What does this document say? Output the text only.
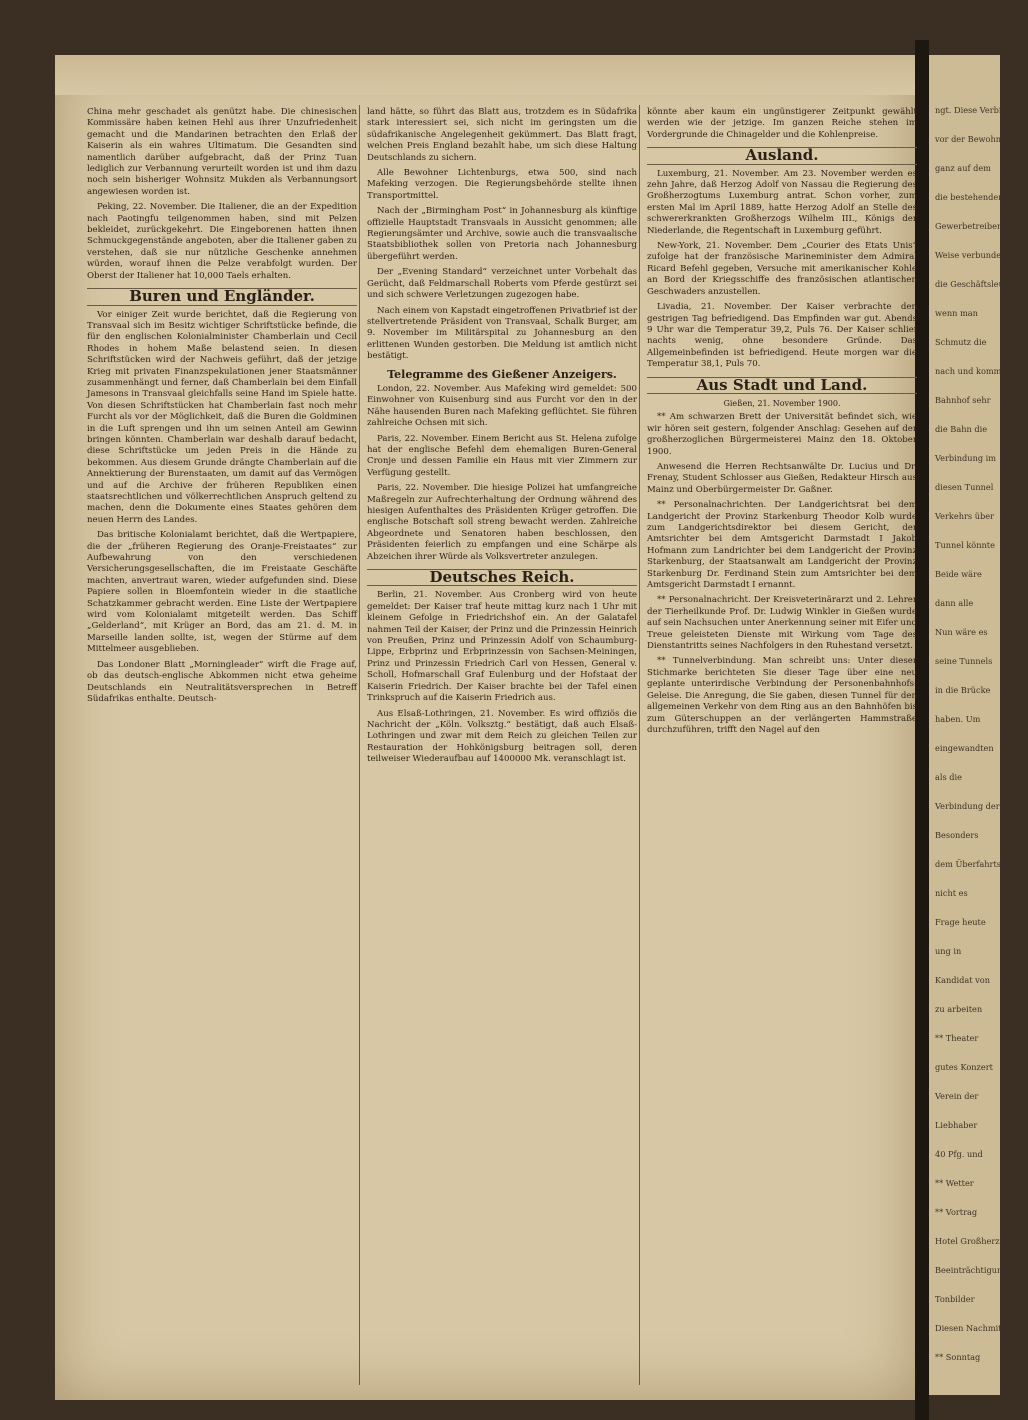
China mehr geschadet als genützt habe. Die chinesischen Kommissäre haben keinen Hehl aus ihrer Unzufriedenheit gemacht und die Mandarinen betrachten den Erlaß der Kaiserin als ein wahres Ultimatum. Die Gesandten sind namentlich darüber aufgebracht, daß der Prinz Tuan lediglich zur Verbannung verurteilt worden ist und ihm dazu noch sein bisheriger Wohnsitz Mukden als Verbannungsort angewiesen worden ist.

Peking, 22. November. Die Italiener, die an der Expedition nach Paotingfu teilgenommen haben, sind mit Pelzen bekleidet, zurückgekehrt. Die Eingeborenen hatten ihnen Schmuckgegenstände angeboten, aber die Italiener gaben zu verstehen, daß sie nur nützliche Geschenke annehmen würden, worauf ihnen die Pelze verabfolgt wurden. Der Oberst der Italiener hat 10,000 Taels erhalten.

Buren und Engländer.

Vor einiger Zeit wurde berichtet, daß die Regierung von Transvaal sich im Besitz wichtiger Schriftstücke befinde, die für den englischen Kolonialminister Chamberlain und Cecil Rhodes in hohem Maße belastend seien. In diesen Schriftstücken wird der Nachweis geführt, daß der jetzige Krieg mit privaten Finanzspekulationen jener Staatsmänner zusammenhängt und ferner, daß Chamberlain bei dem Einfall Jamesons in Transvaal gleichfalls seine Hand im Spiele hatte. Von diesen Schriftstücken hat Chamberlain fast noch mehr Furcht als vor der Möglichkeit, daß die Buren die Goldminen in die Luft sprengen und ihn um seinen Anteil am Gewinn bringen könnten. Chamberlain war deshalb darauf bedacht, diese Schriftstücke um jeden Preis in die Hände zu bekommen. Aus diesem Grunde drängte Chamberlain auf die Annektierung der Burenstaaten, um damit auf das Vermögen und auf die Archive der früheren Republiken einen staatsrechtlichen und völkerrechtlichen Anspruch geltend zu machen, denn die Dokumente eines Staates gehören dem neuen Herrn des Landes.

Das britische Kolonialamt berichtet, daß die Wertpapiere, die der „früheren Regierung des Oranje-Freistaates“ zur Aufbewahrung von den verschiedenen Versicherungsgesellschaften, die im Freistaate Geschäfte machten, anvertraut waren, wieder aufgefunden sind. Diese Papiere sollen in Bloemfontein wieder in die staatliche Schatzkammer gebracht werden. Eine Liste der Wertpapiere wird vom Kolonialamt mitgeteilt werden. Das Schiff „Gelderland“, mit Krüger an Bord, das am 21. d. M. in Marseille landen sollte, ist, wegen der Stürme auf dem Mittelmeer ausgeblieben.

Das Londoner Blatt „Morningleader“ wirft die Frage auf, ob das deutsch-englische Abkommen nicht etwa geheime Deutschlands ein Neutralitätsversprechen in Betreff Südafrikas enthalte. Deutsch-

land hätte, so führt das Blatt aus, trotzdem es in Südafrika stark interessiert sei, sich nicht im geringsten um die südafrikanische Angelegenheit gekümmert. Das Blatt fragt, welchen Preis England bezahlt habe, um sich diese Haltung Deutschlands zu sichern.

Alle Bewohner Lichtenburgs, etwa 500, sind nach Mafeking verzogen. Die Regierungsbehörde stellte ihnen Transportmittel.

Nach der „Birmingham Post“ in Johannesburg als künftige offizielle Hauptstadt Transvaals in Aussicht genommen; alle Regierungsämter und Archive, sowie auch die transvaalische Staatsbibliothek sollen von Pretoria nach Johannesburg übergeführt werden.

Der „Evening Standard“ verzeichnet unter Vorbehalt das Gerücht, daß Feldmarschall Roberts vom Pferde gestürzt sei und sich schwere Verletzungen zugezogen habe.

Nach einem von Kapstadt eingetroffenen Privatbrief ist der stellvertretende Präsident von Transvaal, Schalk Burger, am 9. November im Militärspital zu Johannesburg an den erlittenen Wunden gestorben. Die Meldung ist amtlich nicht bestätigt.

Telegramme des Gießener Anzeigers.

London, 22. November. Aus Mafeking wird gemeldet: 500 Einwohner von Kuisenburg sind aus Furcht vor den in der Nähe hausenden Buren nach Mafeking geflüchtet. Sie führen zahlreiche Ochsen mit sich.

Paris, 22. November. Einem Bericht aus St. Helena zufolge hat der englische Befehl dem ehemaligen Buren-General Cronje und dessen Familie ein Haus mit vier Zimmern zur Verfügung gestellt.

Paris, 22. November. Die hiesige Polizei hat umfangreiche Maßregeln zur Aufrechterhaltung der Ordnung während des hiesigen Aufenthaltes des Präsidenten Krüger getroffen. Die englische Botschaft soll streng bewacht werden. Zahlreiche Abgeordnete und Senatoren haben beschlossen, den Präsidenten feierlich zu empfangen und eine Schärpe als Abzeichen ihrer Würde als Volksvertreter anzulegen.

Deutsches Reich.

Berlin, 21. November. Aus Cronberg wird von heute gemeldet: Der Kaiser traf heute mittag kurz nach 1 Uhr mit kleinem Gefolge in Friedrichshof ein. An der Galatafel nahmen Teil der Kaiser, der Prinz und die Prinzessin Heinrich von Preußen, Prinz und Prinzessin Adolf von Schaumburg-Lippe, Erbprinz und Erbprinzessin von Sachsen-Meiningen, Prinz und Prinzessin Friedrich Carl von Hessen, General v. Scholl, Hofmarschall Graf Eulenburg und der Hofstaat der Kaiserin Friedrich. Der Kaiser brachte bei der Tafel einen Trinkspruch auf die Kaiserin Friedrich aus.

Aus Elsaß-Lothringen, 21. November. Es wird offiziös die Nachricht der „Köln. Volksztg.“ bestätigt, daß auch Elsaß-Lothringen und zwar mit dem Reich zu gleichen Teilen zur Restauration der Hohkönigsburg beitragen soll, deren teilweiser Wiederaufbau auf 1400000 Mk. veranschlagt ist.

könnte aber kaum ein ungünstigerer Zeitpunkt gewählt werden wie der jetzige. Im ganzen Reiche stehen im Vordergrunde die Chinagelder und die Kohlenpreise.

Ausland.

Luxemburg, 21. November. Am 23. November werden es zehn Jahre, daß Herzog Adolf von Nassau die Regierung des Großherzogtums Luxemburg antrat. Schon vorher, zum ersten Mal im April 1889, hatte Herzog Adolf an Stelle des schwererkrankten Großherzogs Wilhelm III., Königs der Niederlande, die Regentschaft in Luxemburg geführt.

New-York, 21. November. Dem „Courier des Etats Unis“ zufolge hat der französische Marineminister dem Admiral Ricard Befehl gegeben, Versuche mit amerikanischer Kohle an Bord der Kriegsschiffe des französischen atlantischen Geschwaders anzustellen.

Livadia, 21. November. Der Kaiser verbrachte den gestrigen Tag befriedigend. Das Empfinden war gut. Abends 9 Uhr war die Temperatur 39,2, Puls 76. Der Kaiser schlief nachts wenig, ohne besondere Gründe. Das Allgemeinbefinden ist befriedigend. Heute morgen war die Temperatur 38,1, Puls 70.

Aus Stadt und Land.
Gießen, 21. November 1900.

** Am schwarzen Brett der Universität befindet sich, wie wir hören seit gestern, folgender Anschlag: Gesehen auf der großherzoglichen Bürgermeisterei Mainz den 18. Oktober 1900.

Anwesend die Herren Rechtsanwälte Dr. Lucius und Dr. Frenay, Student Schlosser aus Gießen, Redakteur Hirsch aus Mainz und Oberbürgermeister Dr. Gaßner.

** Personalnachrichten. Der Landgerichtsrat bei dem Landgericht der Provinz Starkenburg Theodor Kolb wurde zum Landgerichtsdirektor bei diesem Gericht, der Amtsrichter bei dem Amtsgericht Darmstadt I Jakob Hofmann zum Landrichter bei dem Landgericht der Provinz Starkenburg, der Staatsanwalt am Landgericht der Provinz Starkenburg Dr. Ferdinand Stein zum Amtsrichter bei dem Amtsgericht Darmstadt I ernannt.

** Personalnachricht. Der Kreisveterinärarzt und 2. Lehrer der Tierheilkunde Prof. Dr. Ludwig Winkler in Gießen wurde auf sein Nachsuchen unter Anerkennung seiner mit Eifer und Treue geleisteten Dienste mit Wirkung vom Tage des Dienstantritts seines Nachfolgers in den Ruhestand versetzt.

** Tunnelverbindung. Man schreibt uns: Unter dieser Stichmarke berichteten Sie dieser Tage über eine neu geplante unterirdische Verbindung der Personenbahnhofs-Geleise. Die Anregung, die Sie gaben, diesen Tunnel für den allgemeinen Verkehr von dem Ring aus an den Bahnhöfen bis zum Güterschuppen an der verlängerten Hammstraße durchzuführen, trifft den Nagel auf den

ngt. Diese Verbindung

vor der Bewohner

ganz auf dem

die bestehenden

Gewerbetreibenden

Weise verbunden

die Geschäftsleute

wenn man

Schmutz die

nach und kommen

Bahnhof sehr

die Bahn die

Verbindung im

diesen Tunnel

Verkehrs über

Tunnel könnte

Beide wäre

dann alle

Nun wäre es

seine Tunnels

in die Brücke

haben. Um

eingewandten

als die

Verbindung der

Besonders

dem Überfahrtsw

nicht es

Frage heute

ung in

Kandidat von

zu arbeiten

** Theater

gutes Konzert

Verein der

Liebhaber

40 Pfg. und

** Wetter

** Vortrag

Hotel Großherzog

Beeinträchtigung

Tonbilder

Diesen Nachmittag

** Sonntag
